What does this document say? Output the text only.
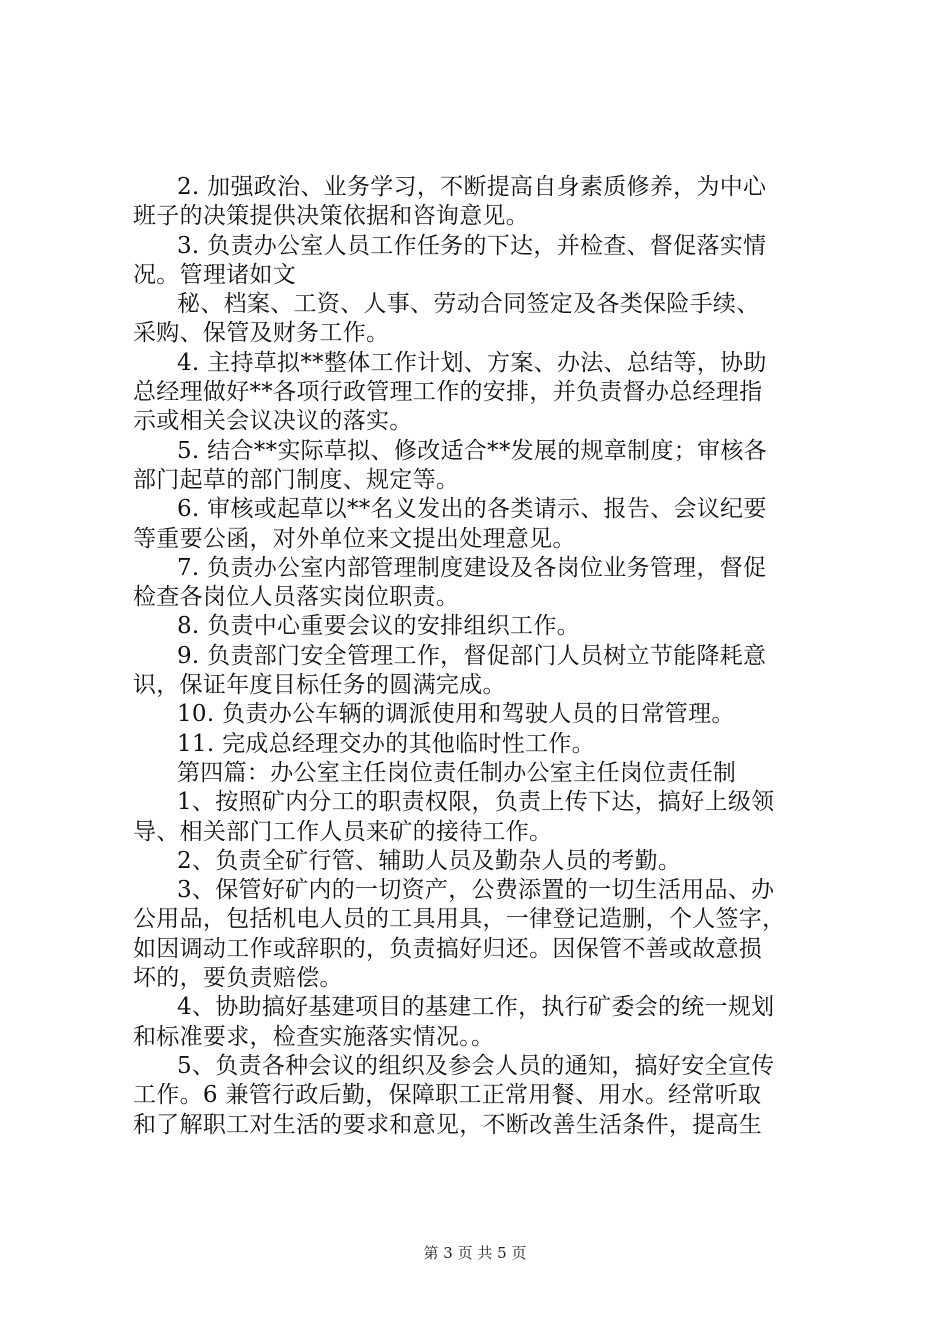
2. 加强政治、业务学习，不断提高自身素质修养，为中心
班子的决策提供决策依据和咨询意见。
3. 负责办公室人员工作任务的下达，并检查、督促落实情
况。管理诸如文
秘、档案、工资、人事、劳动合同签定及各类保险手续、
采购、保管及财务工作。
4. 主持草拟**整体工作计划、方案、办法、总结等，协助
总经理做好**各项行政管理工作的安排，并负责督办总经理指
示或相关会议决议的落实。
5. 结合**实际草拟、修改适合**发展的规章制度；审核各
部门起草的部门制度、规定等。
6. 审核或起草以**名义发出的各类请示、报告、会议纪要
等重要公函，对外单位来文提出处理意见。
7. 负责办公室内部管理制度建设及各岗位业务管理，督促
检查各岗位人员落实岗位职责。
8. 负责中心重要会议的安排组织工作。
9. 负责部门安全管理工作，督促部门人员树立节能降耗意
识，保证年度目标任务的圆满完成。
10. 负责办公车辆的调派使用和驾驶人员的日常管理。
11. 完成总经理交办的其他临时性工作。
第四篇：办公室主任岗位责任制办公室主任岗位责任制
1、按照矿内分工的职责权限，负责上传下达，搞好上级领
导、相关部门工作人员来矿的接待工作。
2、负责全矿行管、辅助人员及勤杂人员的考勤。
3、保管好矿内的一切资产，公费添置的一切生活用品、办
公用品，包括机电人员的工具用具，一律登记造删，个人签字，
如因调动工作或辞职的，负责搞好归还。因保管不善或故意损
坏的，要负责赔偿。
4、协助搞好基建项目的基建工作，执行矿委会的统一规划
和标准要求，检查实施落实情况。。
5、负责各种会议的组织及参会人员的通知，搞好安全宣传
工作。6 兼管行政后勤，保障职工正常用餐、用水。经常听取
和了解职工对生活的要求和意见，不断改善生活条件，提高生
第 3 页 共 5 页
